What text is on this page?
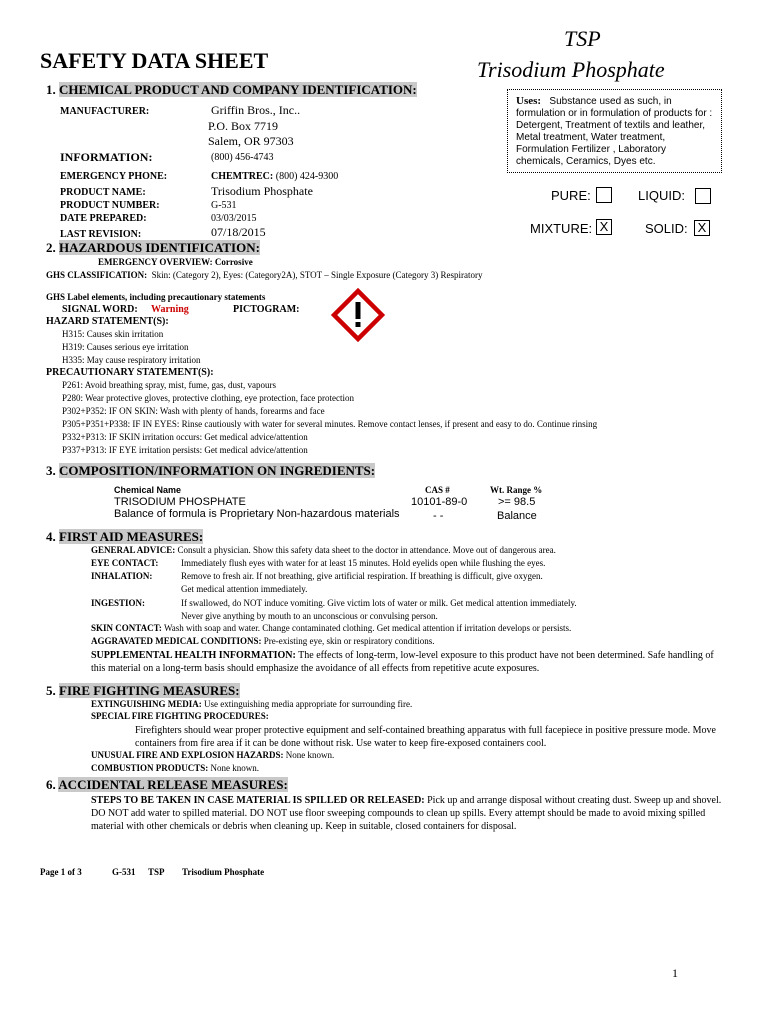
SAFETY DATA SHEET
TSP
Trisodium Phosphate
1. CHEMICAL PRODUCT AND COMPANY IDENTIFICATION:
MANUFACTURER:	Griffin Bros., Inc..
P.O. Box 7719
Salem, OR 97303
INFORMATION:	(800) 456-4743
EMERGENCY PHONE:	CHEMTREC: (800) 424-9300
PRODUCT NAME:	Trisodium Phosphate
PRODUCT NUMBER:	G-531
DATE PREPARED:	03/03/2015
LAST REVISION:	07/18/2015
Uses: Substance used as such, in formulation or in formulation of products for : Detergent, Treatment of textils and leather, Metal treatment, Water treatment, Formulation Fertilizer , Laboratory chemicals, Ceramics, Dyes etc.
PURE:	LIQUID:
MIXTURE: X	SOLID: X
2. HAZARDOUS IDENTIFICATION:
EMERGENCY OVERVIEW: Corrosive
GHS CLASSIFICATION: Skin: (Category 2), Eyes: (Category2A), STOT – Single Exposure (Category 3) Respiratory
GHS Label elements, including precautionary statements
SIGNAL WORD: Warning	PICTOGRAM:
HAZARD STATEMENT(S):
H315: Causes skin irritation
H319: Causes serious eye irritation
H335: May cause respiratory irritation
PRECAUTIONARY STATEMENT(S):
P261: Avoid breathing spray, mist, fume, gas, dust, vapours
P280: Wear protective gloves, protective clothing, eye protection, face protection
P302+P352: IF ON SKIN: Wash with plenty of hands, forearms and face
P305+P351+P338: IF IN EYES: Rinse cautiously with water for several minutes. Remove contact lenses, if present and easy to do. Continue rinsing
P332+P313: IF SKIN irritation occurs: Get medical advice/attention
P337+P313: IF EYE irritation persists: Get medical advice/attention
3. COMPOSITION/INFORMATION ON INGREDIENTS:
Chemical Name	CAS #	Wt. Range %
TRISODIUM PHOSPHATE	10101-89-0	>= 98.5
Balance of formula is Proprietary Non-hazardous materials	- -	Balance
4. FIRST AID MEASURES:
GENERAL ADVICE: Consult a physician. Show this safety data sheet to the doctor in attendance. Move out of dangerous area.
EYE CONTACT:	Immediately flush eyes with water for at least 15 minutes. Hold eyelids open while flushing the eyes.
INHALATION:	Remove to fresh air. If not breathing, give artificial respiration. If breathing is difficult, give oxygen.
Get medical attention immediately.
INGESTION:	If swallowed, do NOT induce vomiting. Give victim lots of water or milk. Get medical attention immediately.
Never give anything by mouth to an unconscious or convulsing person.
SKIN CONTACT: Wash with soap and water. Change contaminated clothing. Get medical attention if irritation develops or persists.
AGGRAVATED MEDICAL CONDITIONS: Pre-existing eye, skin or respiratory conditions.
SUPPLEMENTAL HEALTH INFORMATION: The effects of long-term, low-level exposure to this product have not been determined. Safe handling of this material on a long-term basis should emphasize the avoidance of all effects from repetitive acute exposures.
5. FIRE FIGHTING MEASURES:
EXTINGUISHING MEDIA: Use extinguishing media appropriate for surrounding fire.
SPECIAL FIRE FIGHTING PROCEDURES:
Firefighters should wear proper protective equipment and self-contained breathing apparatus with full facepiece in positive pressure mode. Move containers from fire area if it can be done without risk. Use water to keep fire-exposed containers cool.
UNUSUAL FIRE AND EXPLOSION HAZARDS: None known.
COMBUSTION PRODUCTS: None known.
6. ACCIDENTAL RELEASE MEASURES:
STEPS TO BE TAKEN IN CASE MATERIAL IS SPILLED OR RELEASED: Pick up and arrange disposal without creating dust. Sweep up and shovel. DO NOT add water to spilled material. DO NOT use floor sweeping compounds to clean up spills. Every attempt should be made to avoid mixing spilled material with other chemicals or debris when cleaning up. Keep in suitable, closed containers for disposal.
Page 1 of 3	G-531 TSP Trisodium Phosphate
1
